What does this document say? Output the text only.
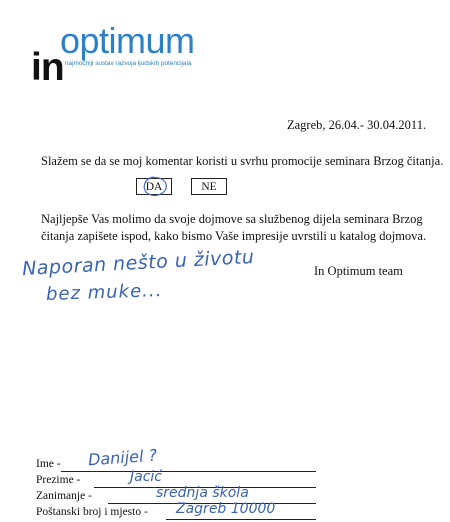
in
optimum
najmoćniji sustav razvoja ljudskih potencijala
Zagreb, 26.04.- 30.04.2011.
Slažem se da se moj komentar koristi u svrhu promocije seminara Brzog čitanja.
DA	NE
Najljepše Vas molimo da svoje dojmove sa službenog dijela seminara Brzog
čitanja zapišete ispod, kako bismo Vaše impresije uvrstili u katalog dojmova.
Naporan nešto u životu
bez muke...
In Optimum team
Ime - Danijel ?
Prezime -	Jacić
Zanimanje -	srednja škola
Poštanski broj i mjesto - Zagreb 10000
